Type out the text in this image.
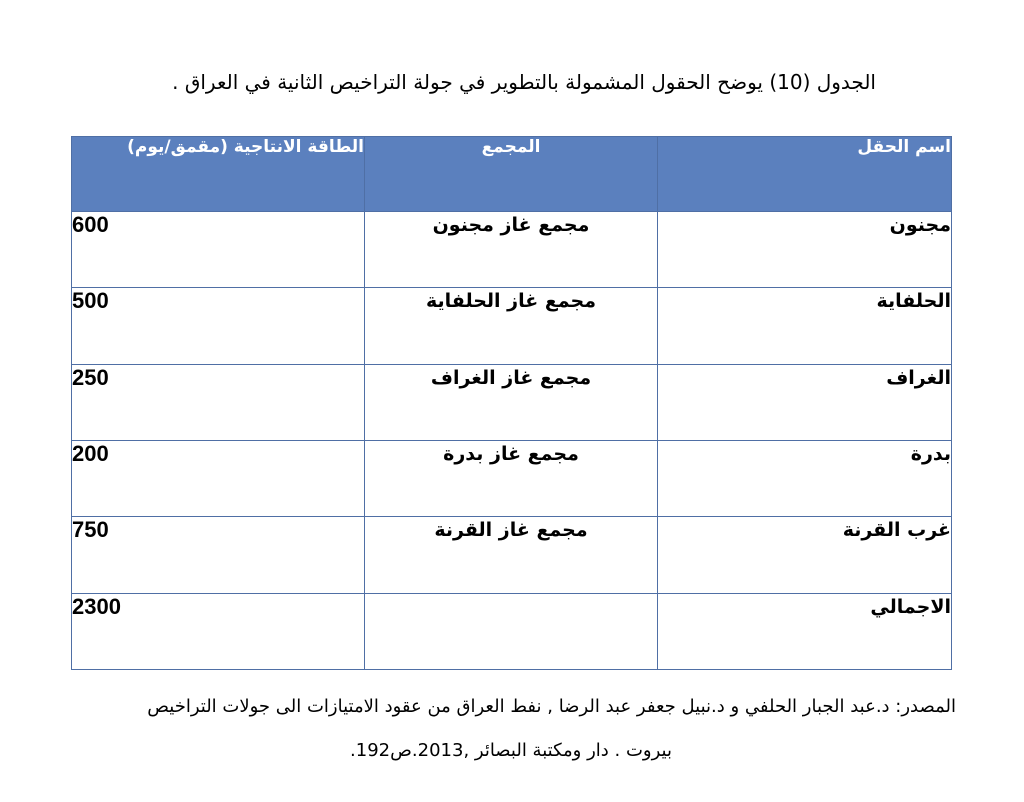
الجدول (10) يوضح الحقول المشمولة بالتطوير في جولة التراخيص الثانية في العراق .
الطاقة الانتاجية (مقمق/يوم)	المجمع	اسم الحقل
600	مجمع غاز مجنون	مجنون
500	مجمع غاز الحلفاية	الحلفاية
250	مجمع غاز الغراف	الغراف
200	مجمع غاز بدرة	بدرة
750	مجمع غاز القرنة	غرب القرنة
2300		الاجمالي
المصدر: د.عبد الجبار الحلفي و د.نبيل جعفر عبد الرضا , نفط العراق من عقود الامتيازات الى جولات التراخيص
بيروت . دار ومكتبة البصائر ,2013.ص192.
